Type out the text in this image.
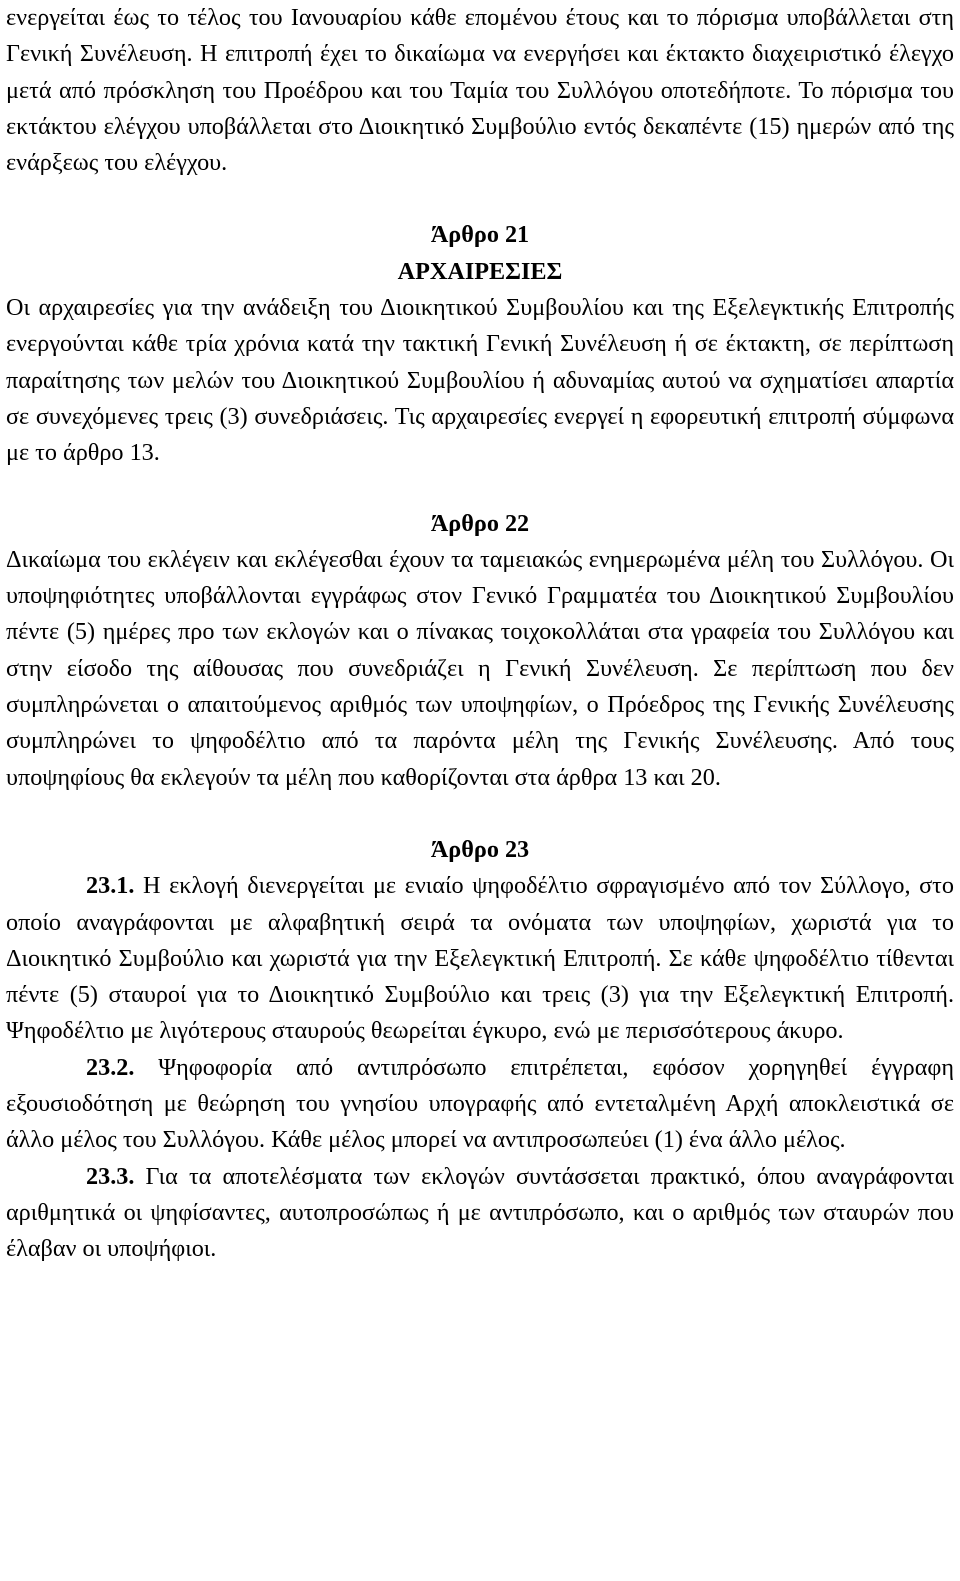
ενεργείται έως το τέλος του Ιανουαρίου κάθε επομένου έτους και το πόρισμα υποβάλλεται στη Γενική Συνέλευση. Η επιτροπή έχει το δικαίωμα να ενεργήσει και έκτακτο διαχειριστικό έλεγχο μετά από πρόσκληση του Προέδρου και του Ταμία του Συλλόγου οποτεδήποτε. Το πόρισμα του εκτάκτου ελέγχου υποβάλλεται στο Διοικητικό Συμβούλιο εντός δεκαπέντε (15) ημερών από της ενάρξεως του ελέγχου.

Άρθρο 21

ΑΡΧΑΙΡΕΣΙΕΣ

Οι αρχαιρεσίες για την ανάδειξη του Διοικητικού Συμβουλίου και της Εξελεγκτικής Επιτροπής ενεργούνται κάθε τρία χρόνια κατά την τακτική Γενική Συνέλευση ή σε έκτακτη, σε περίπτωση παραίτησης των μελών του Διοικητικού Συμβουλίου ή αδυναμίας αυτού να σχηματίσει απαρτία σε συνεχόμενες τρεις (3) συνεδριάσεις. Τις αρχαιρεσίες ενεργεί η εφορευτική επιτροπή σύμφωνα με το άρθρο 13.

Άρθρο 22

Δικαίωμα του εκλέγειν και εκλέγεσθαι έχουν τα ταμειακώς ενημερωμένα μέλη του Συλλόγου. Οι υποψηφιότητες υποβάλλονται εγγράφως στον Γενικό Γραμματέα του Διοικητικού Συμβουλίου πέντε (5) ημέρες προ των εκλογών και ο πίνακας τοιχοκολλάται στα γραφεία του Συλλόγου και στην είσοδο της αίθουσας που συνεδριάζει η Γενική Συνέλευση. Σε περίπτωση που δεν συμπληρώνεται ο απαιτούμενος αριθμός των υποψηφίων, ο Πρόεδρος της Γενικής Συνέλευσης συμπληρώνει το ψηφοδέλτιο από τα παρόντα μέλη της Γενικής Συνέλευσης. Από τους υποψηφίους θα εκλεγούν τα μέλη που καθορίζονται στα άρθρα 13 και 20.

Άρθρο 23

23.1. Η εκλογή διενεργείται με ενιαίο ψηφοδέλτιο σφραγισμένο από τον Σύλλογο, στο οποίο αναγράφονται με αλφαβητική σειρά τα ονόματα των υποψηφίων, χωριστά για το Διοικητικό Συμβούλιο και χωριστά για την Εξελεγκτική Επιτροπή. Σε κάθε ψηφοδέλτιο τίθενται πέντε (5) σταυροί για το Διοικητικό Συμβούλιο και τρεις (3) για την Εξελεγκτική Επιτροπή. Ψηφοδέλτιο με λιγότερους σταυρούς θεωρείται έγκυρο, ενώ με περισσότερους άκυρο.

23.2. Ψηφοφορία από αντιπρόσωπο επιτρέπεται, εφόσον χορηγηθεί έγγραφη εξουσιοδότηση με θεώρηση του γνησίου υπογραφής από εντεταλμένη Αρχή αποκλειστικά σε άλλο μέλος του Συλλόγου. Κάθε μέλος μπορεί να αντιπροσωπεύει (1) ένα άλλο μέλος.

23.3. Για τα αποτελέσματα των εκλογών συντάσσεται πρακτικό, όπου αναγράφονται αριθμητικά οι ψηφίσαντες, αυτοπροσώπως ή με αντιπρόσωπο, και ο αριθμός των σταυρών που έλαβαν οι υποψήφιοι.
